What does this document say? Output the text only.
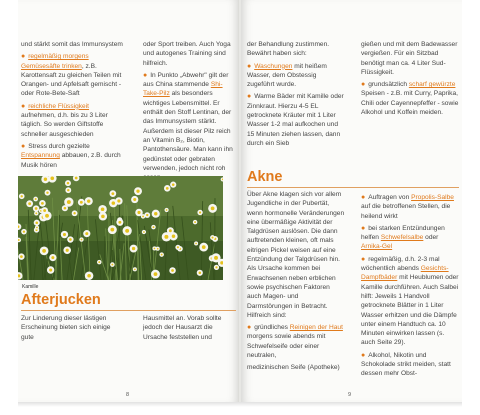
und stärkt somit das Immunsystem

● regelmäßig morgens Gemüsesäfte trinken, z.B. Karottensaft zu gleichen Teilen mit Orangen- und Apfelsaft gemischt - oder Rote-Bete-Saft

● reichliche Flüssigkeit aufnehmen, d.h. bis zu 3 Liter täglich. So werden Giftstoffe schneller ausgeschieden

● Stress durch gezielte Entspannung abbauen, z.B. durch Musik hören

oder Sport treiben. Auch Yoga und autogenes Training sind hilfreich.

● In Punkto „Abwehr" gilt der aus China stammende Shi-Take-Pilz als besonders wichtiges Lebensmittel. Er enthält den Stoff Lentinan, der das Immunsystem stärkt. Außerdem ist dieser Pilz reich an Vitamin B₂, Biotin, Pantothensäure. Man kann ihn gedünstet oder gebraten verwenden, jedoch nicht roh

Kamille
Afterjucken
Zur Linderung dieser lästigen Erscheinung bieten sich einige gute
Hausmittel an. Vorab sollte jedoch der Hausarzt die Ursache feststellen und
8

der Behandlung zustimmen. Bewährt haben sich:

● Waschungen mit heißem Wasser, dem Obstessig zugeführt wurde.

● Warme Bäder mit Kamille oder Zinnkraut. Hierzu 4-5 EL getrocknete Kräuter mit 1 Liter Wasser 1-2 mal aufkochen und 15 Minuten ziehen lassen, dann durch ein Sieb

gießen und mit dem Badewasser vergießen. Für ein Sitzbad benötigt man ca. 4 Liter Sud-Flüssigkeit.

● grundsätzlich scharf gewürzte Speisen - z.B. mit Curry, Paprika, Chili oder Cayennepfeffer - sowie Alkohol und Koffein meiden.

Akne

Über Akne klagen sich vor allem Jugendliche in der Pubertät, wenn hormonelle Veränderungen eine übermäßige Aktivität der Talgdrüsen auslösen. Die dann auftretenden kleinen, oft mals eitrigen Pickel weisen auf eine Entzündung der Talgdrüsen hin. Als Ursache kommen bei Erwachsenen neben erblichen sowie psychischen Faktoren auch Magen- und Darmstörungen in Betracht. Hilfreich sind:

● gründliches Reinigen der Haut morgens sowie abends mit Schwefelseife oder einer neutralen,

medizinischen Seife (Apotheke)

● Auftragen von Propolis-Salbe auf die betroffenen Stellen, die heilend wirkt

● bei starken Entzündungen helfen Schwefelsalbe oder Arnika-Gel

● regelmäßig, d.h. 2-3 mal wöchentlich abends Gesichts-Dampfbäder mit Heublumen oder Kamille durchführen. Auch Salbei hilft: Jeweils 1 Handvoll getrocknete Blätter in 1 Liter Wasser erhitzen und die Dämpfe unter einem Handtuch ca. 10 Minuten einwirken lassen (s. auch Seite 29).

● Alkohol, Nikotin und Schokolade strikt meiden, statt dessen mehr Obst-

9
